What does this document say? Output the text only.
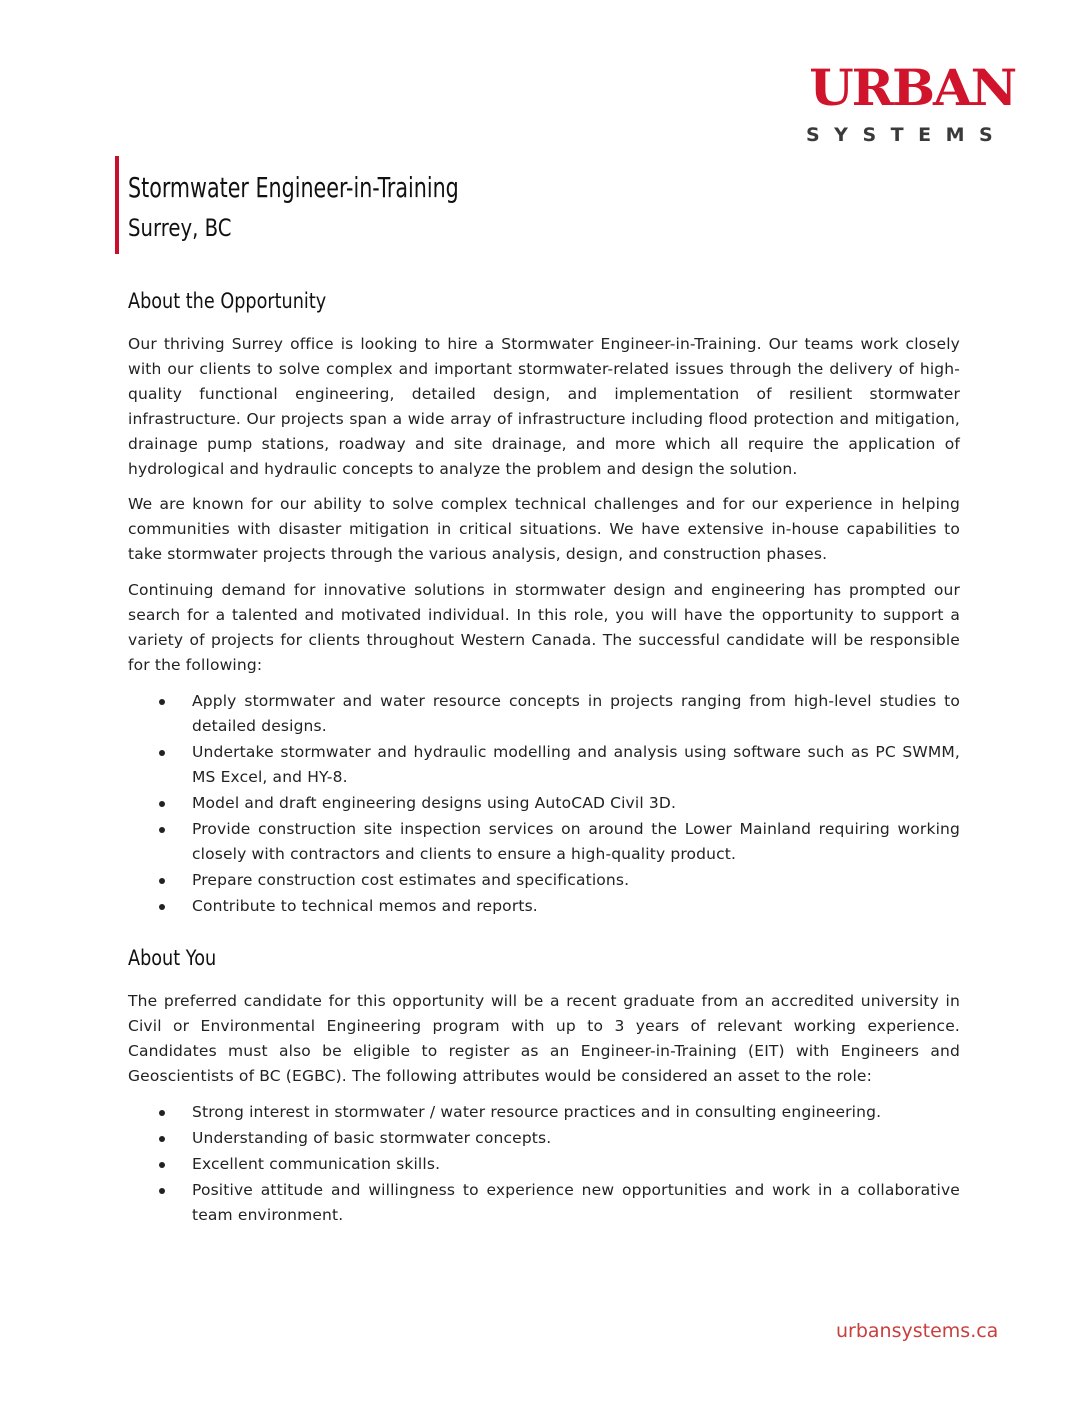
URBAN
SYSTEMS
Stormwater Engineer-in-Training
Surrey, BC
About the Opportunity

Our thriving Surrey office is looking to hire a Stormwater Engineer-in-Training. Our teams work closely with our clients to solve complex and important stormwater-related issues through the delivery of high-quality functional engineering, detailed design, and implementation of resilient stormwater infrastructure. Our projects span a wide array of infrastructure including flood protection and mitigation, drainage pump stations, roadway and site drainage, and more which all require the application of hydrological and hydraulic concepts to analyze the problem and design the solution.

We are known for our ability to solve complex technical challenges and for our experience in helping communities with disaster mitigation in critical situations. We have extensive in-house capabilities to take stormwater projects through the various analysis, design, and construction phases.

Continuing demand for innovative solutions in stormwater design and engineering has prompted our search for a talented and motivated individual. In this role, you will have the opportunity to support a variety of projects for clients throughout Western Canada. The successful candidate will be responsible for the following:

Apply stormwater and water resource concepts in projects ranging from high-level studies to detailed designs.
Undertake stormwater and hydraulic modelling and analysis using software such as PC SWMM, MS Excel, and HY-8.
Model and draft engineering designs using AutoCAD Civil 3D.
Provide construction site inspection services on around the Lower Mainland requiring working closely with contractors and clients to ensure a high-quality product.
Prepare construction cost estimates and specifications.
Contribute to technical memos and reports.
About You

The preferred candidate for this opportunity will be a recent graduate from an accredited university in Civil or Environmental Engineering program with up to 3 years of relevant working experience. Candidates must also be eligible to register as an Engineer-in-Training (EIT) with Engineers and Geoscientists of BC (EGBC). The following attributes would be considered an asset to the role:

Strong interest in stormwater / water resource practices and in consulting engineering.
Understanding of basic stormwater concepts.
Excellent communication skills.
Positive attitude and willingness to experience new opportunities and work in a collaborative team environment.
urbansystems.ca
